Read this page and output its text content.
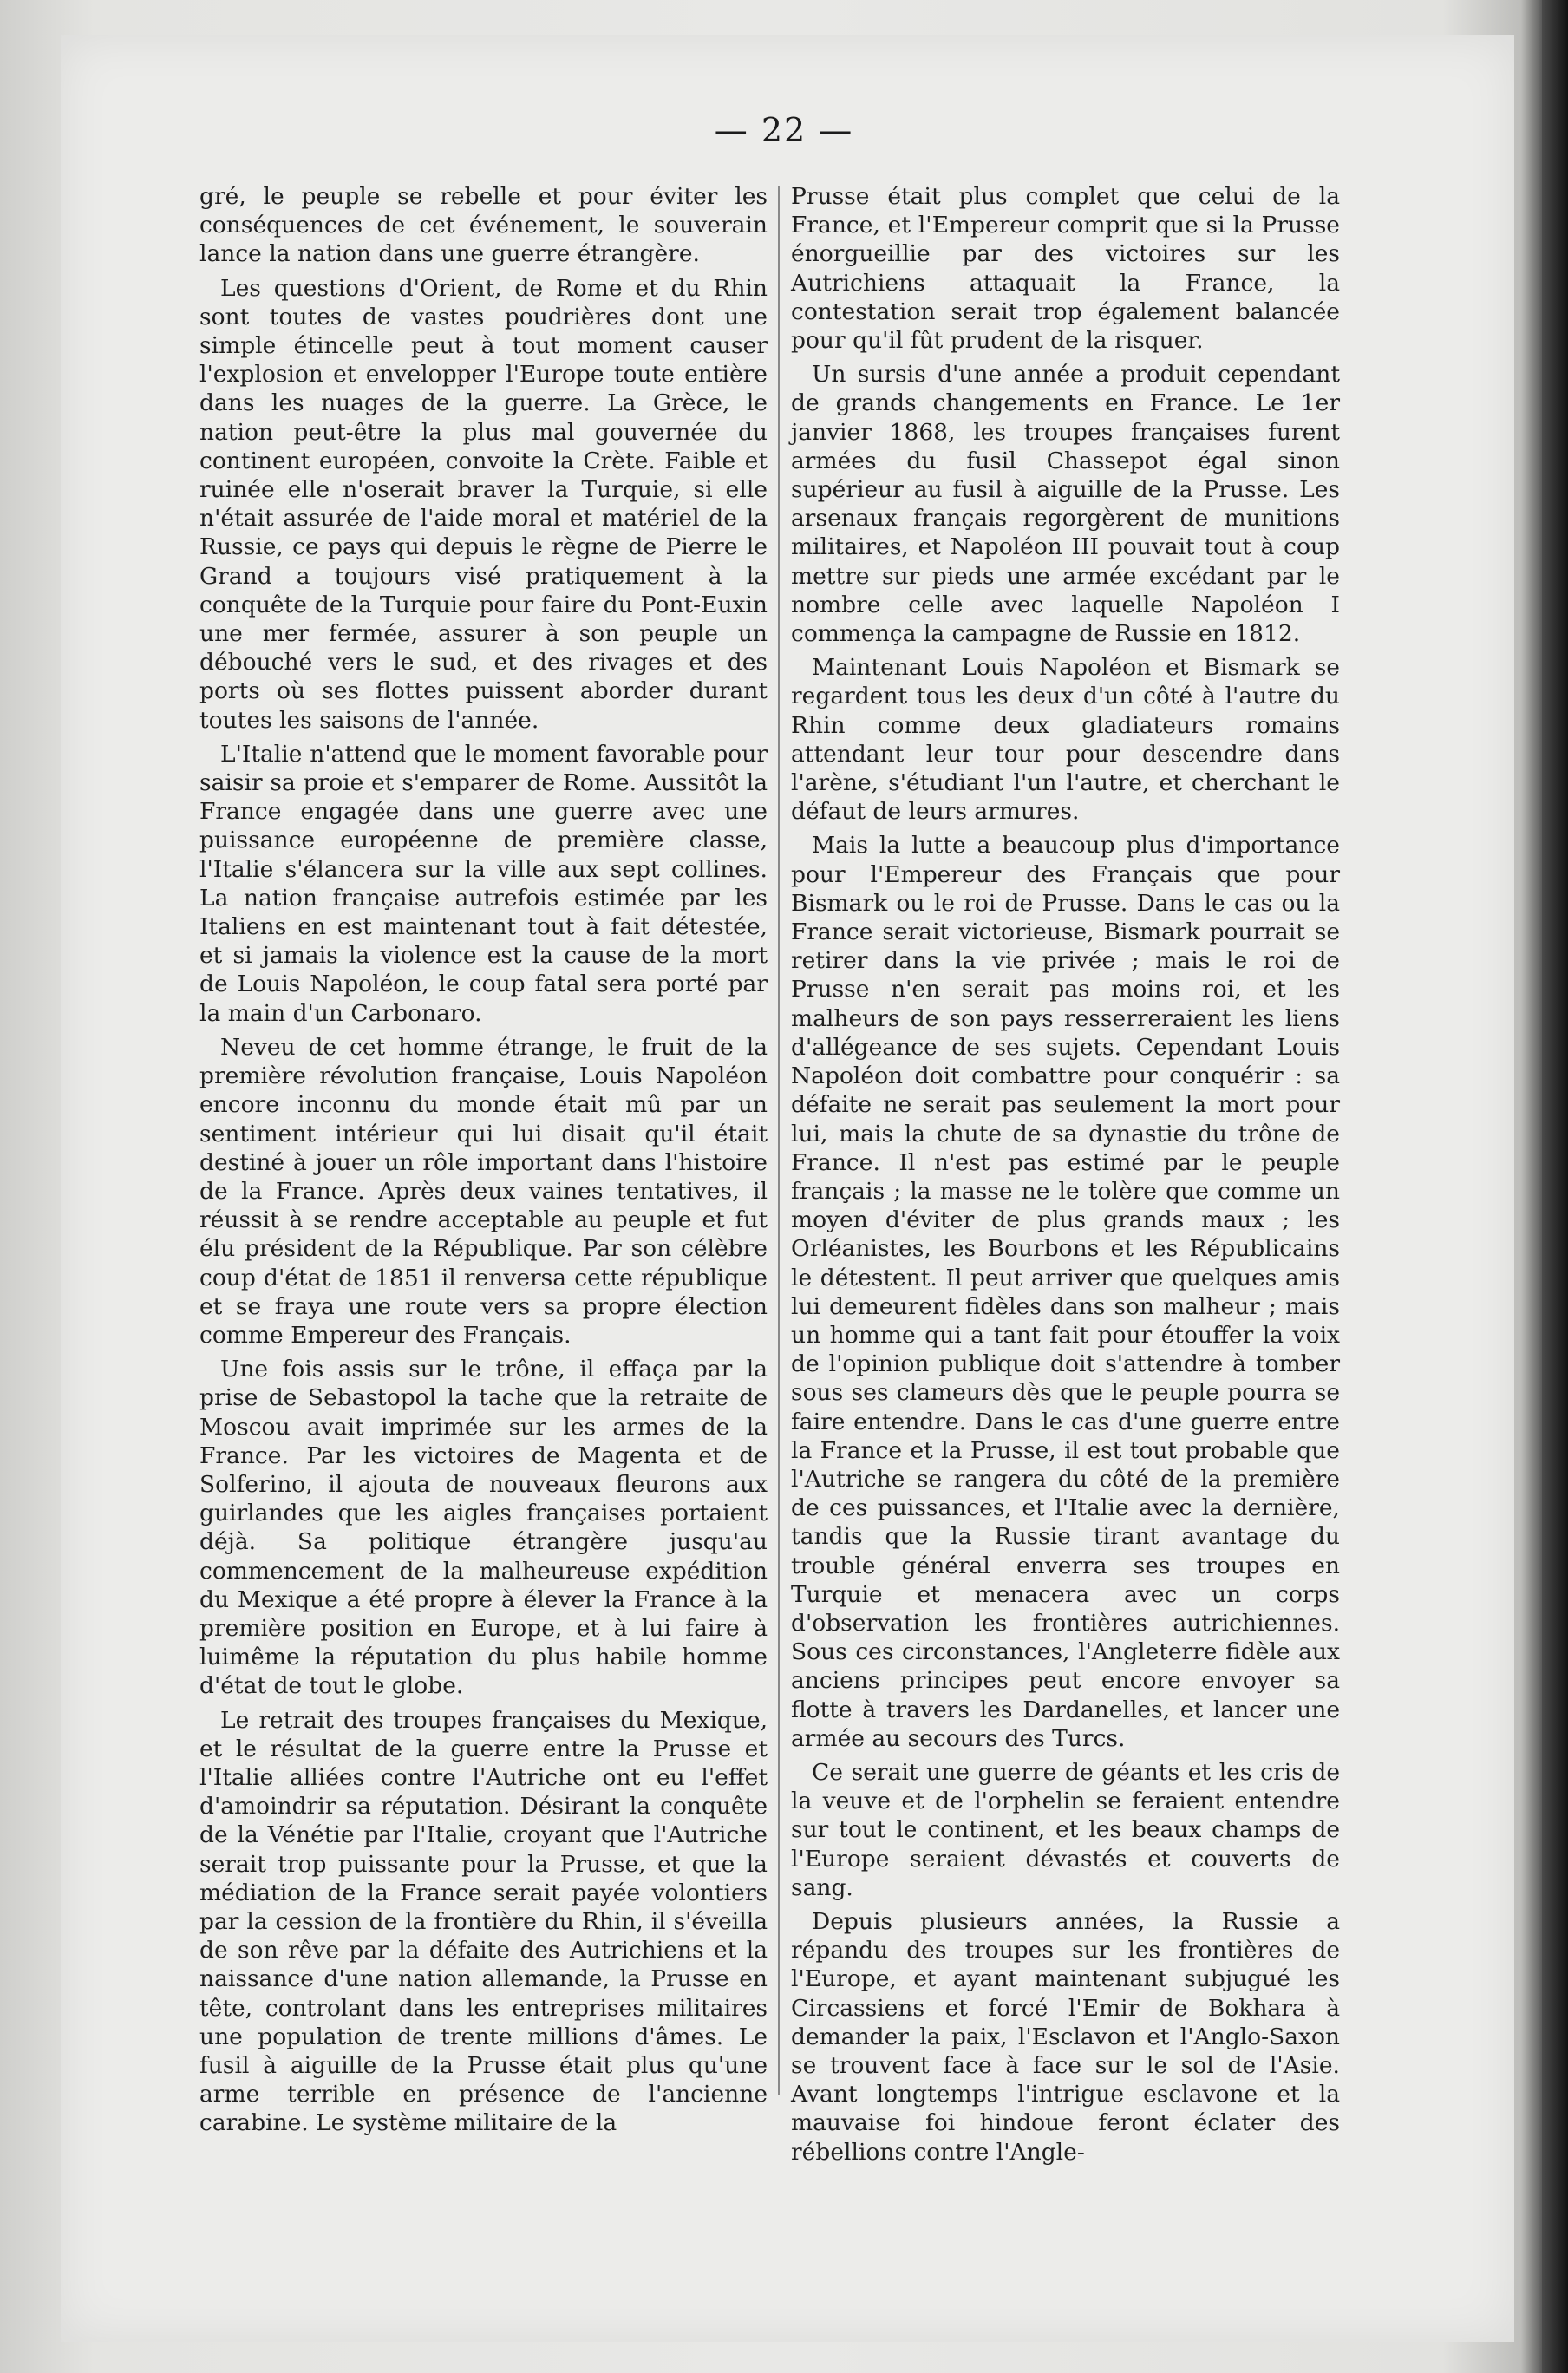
— 22 —

gré, le peuple se rebelle et pour éviter les conséquences de cet événement, le souverain lance la nation dans une guerre étrangère.

Les questions d'Orient, de Rome et du Rhin sont toutes de vastes poudrières dont une simple étincelle peut à tout moment causer l'explosion et envelopper l'Europe toute entière dans les nuages de la guerre. La Grèce, le nation peut-être la plus mal gouvernée du continent européen, convoite la Crète. Faible et ruinée elle n'oserait braver la Turquie, si elle n'était assurée de l'aide moral et matériel de la Russie, ce pays qui depuis le règne de Pierre le Grand a toujours visé pratiquement à la conquête de la Turquie pour faire du Pont-Euxin une mer fermée, assurer à son peuple un débouché vers le sud, et des rivages et des ports où ses flottes puissent aborder durant toutes les saisons de l'année.

L'Italie n'attend que le moment favorable pour saisir sa proie et s'emparer de Rome. Aussitôt la France engagée dans une guerre avec une puissance européenne de première classe, l'Italie s'élancera sur la ville aux sept collines. La nation française autrefois estimée par les Italiens en est maintenant tout à fait détestée, et si jamais la violence est la cause de la mort de Louis Napoléon, le coup fatal sera porté par la main d'un Carbonaro.

Neveu de cet homme étrange, le fruit de la première révolution française, Louis Napoléon encore inconnu du monde était mû par un sentiment intérieur qui lui disait qu'il était destiné à jouer un rôle important dans l'histoire de la France. Après deux vaines tentatives, il réussit à se rendre acceptable au peuple et fut élu président de la République. Par son célèbre coup d'état de 1851 il renversa cette république et se fraya une route vers sa propre élection comme Empereur des Français.

Une fois assis sur le trône, il effaça par la prise de Sebastopol la tache que la retraite de Moscou avait imprimée sur les armes de la France. Par les victoires de Magenta et de Solferino, il ajouta de nouveaux fleurons aux guirlandes que les aigles françaises portaient déjà. Sa politique étrangère jusqu'au commencement de la malheureuse expédition du Mexique a été propre à élever la France à la première position en Europe, et à lui faire à luimême la réputation du plus habile homme d'état de tout le globe.

Le retrait des troupes françaises du Mexique, et le résultat de la guerre entre la Prusse et l'Italie alliées contre l'Autriche ont eu l'effet d'amoindrir sa réputation. Désirant la conquête de la Vénétie par l'Italie, croyant que l'Autriche serait trop puissante pour la Prusse, et que la médiation de la France serait payée volontiers par la cession de la frontière du Rhin, il s'éveilla de son rêve par la défaite des Autrichiens et la naissance d'une nation allemande, la Prusse en tête, controlant dans les entreprises militaires une population de trente millions d'âmes. Le fusil à aiguille de la Prusse était plus qu'une arme terrible en présence de l'ancienne carabine. Le système militaire de la

Prusse était plus complet que celui de la France, et l'Empereur comprit que si la Prusse énorgueillie par des victoires sur les Autrichiens attaquait la France, la contestation serait trop également balancée pour qu'il fût prudent de la risquer.

Un sursis d'une année a produit cependant de grands changements en France. Le 1er janvier 1868, les troupes françaises furent armées du fusil Chassepot égal sinon supérieur au fusil à aiguille de la Prusse. Les arsenaux français regorgèrent de munitions militaires, et Napoléon III pouvait tout à coup mettre sur pieds une armée excédant par le nombre celle avec laquelle Napoléon I commença la campagne de Russie en 1812.

Maintenant Louis Napoléon et Bismark se regardent tous les deux d'un côté à l'autre du Rhin comme deux gladiateurs romains attendant leur tour pour descendre dans l'arène, s'étudiant l'un l'autre, et cherchant le défaut de leurs armures.

Mais la lutte a beaucoup plus d'importance pour l'Empereur des Français que pour Bismark ou le roi de Prusse. Dans le cas ou la France serait victorieuse, Bismark pourrait se retirer dans la vie privée ; mais le roi de Prusse n'en serait pas moins roi, et les malheurs de son pays resserreraient les liens d'allégeance de ses sujets. Cependant Louis Napoléon doit combattre pour conquérir : sa défaite ne serait pas seulement la mort pour lui, mais la chute de sa dynastie du trône de France. Il n'est pas estimé par le peuple français ; la masse ne le tolère que comme un moyen d'éviter de plus grands maux ; les Orléanistes, les Bourbons et les Républicains le détestent. Il peut arriver que quelques amis lui demeurent fidèles dans son malheur ; mais un homme qui a tant fait pour étouffer la voix de l'opinion publique doit s'attendre à tomber sous ses clameurs dès que le peuple pourra se faire entendre. Dans le cas d'une guerre entre la France et la Prusse, il est tout probable que l'Autriche se rangera du côté de la première de ces puissances, et l'Italie avec la dernière, tandis que la Russie tirant avantage du trouble général enverra ses troupes en Turquie et menacera avec un corps d'observation les frontières autrichiennes. Sous ces circonstances, l'Angleterre fidèle aux anciens principes peut encore envoyer sa flotte à travers les Dardanelles, et lancer une armée au secours des Turcs.

Ce serait une guerre de géants et les cris de la veuve et de l'orphelin se feraient entendre sur tout le continent, et les beaux champs de l'Europe seraient dévastés et couverts de sang.

Depuis plusieurs années, la Russie a répandu des troupes sur les frontières de l'Europe, et ayant maintenant subjugué les Circassiens et forcé l'Emir de Bokhara à demander la paix, l'Esclavon et l'Anglo-Saxon se trouvent face à face sur le sol de l'Asie. Avant longtemps l'intrigue esclavone et la mauvaise foi hindoue feront éclater des rébellions contre l'Angle-
